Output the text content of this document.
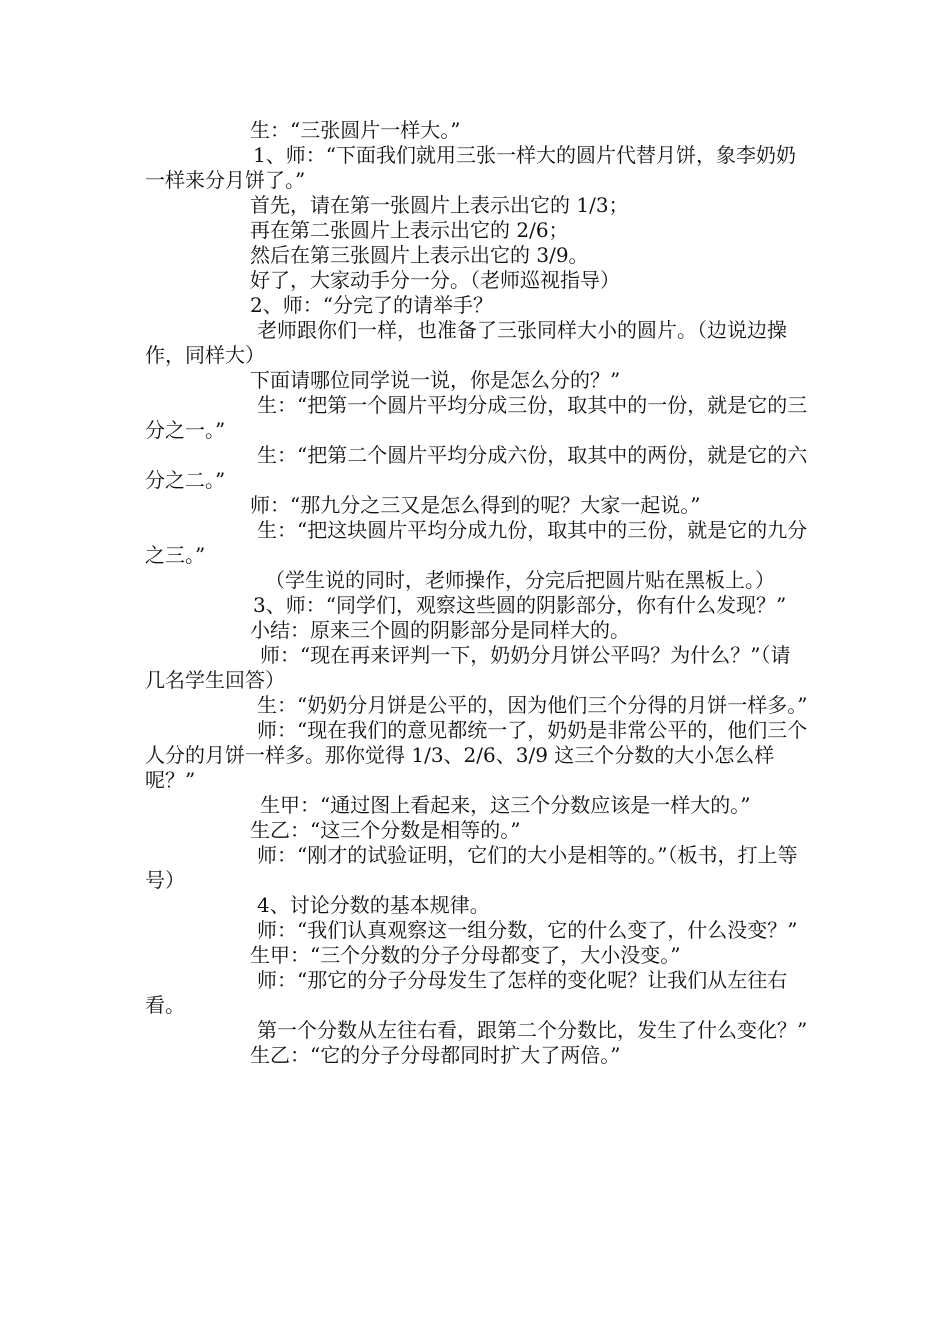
生：“三张圆片一样大。”

1、师：“下面我们就用三张一样大的圆片代替月饼，象李奶奶一样来分月饼了。”

首先，请在第一张圆片上表示出它的 1/3；

再在第二张圆片上表示出它的 2/6；

然后在第三张圆片上表示出它的 3/9。

好了，大家动手分一分。（老师巡视指导）

2、师：“分完了的请举手？

老师跟你们一样，也准备了三张同样大小的圆片。（边说边操作，同样大）

下面请哪位同学说一说，你是怎么分的？”

生：“把第一个圆片平均分成三份，取其中的一份，就是它的三分之一。”

生：“把第二个圆片平均分成六份，取其中的两份，就是它的六分之二。”

师：“那九分之三又是怎么得到的呢？大家一起说。”

生：“把这块圆片平均分成九份，取其中的三份，就是它的九分之三。”

（学生说的同时，老师操作，分完后把圆片贴在黑板上。）

3、师：“同学们，观察这些圆的阴影部分，你有什么发现？”

小结：原来三个圆的阴影部分是同样大的。

师：“现在再来评判一下，奶奶分月饼公平吗？为什么？”（请几名学生回答）

生：“奶奶分月饼是公平的，因为他们三个分得的月饼一样多。”

师：“现在我们的意见都统一了，奶奶是非常公平的，他们三个人分的月饼一样多。那你觉得 1/3、2/6、3/9 这三个分数的大小怎么样呢？”

生甲：“通过图上看起来，这三个分数应该是一样大的。”

生乙：“这三个分数是相等的。”

师：“刚才的试验证明，它们的大小是相等的。”（板书，打上等号）

4、讨论分数的基本规律。

师：“我们认真观察这一组分数，它的什么变了，什么没变？”

生甲：“三个分数的分子分母都变了，大小没变。”

师：“那它的分子分母发生了怎样的变化呢？让我们从左往右看。

第一个分数从左往右看，跟第二个分数比，发生了什么变化？”

生乙：“它的分子分母都同时扩大了两倍。”
